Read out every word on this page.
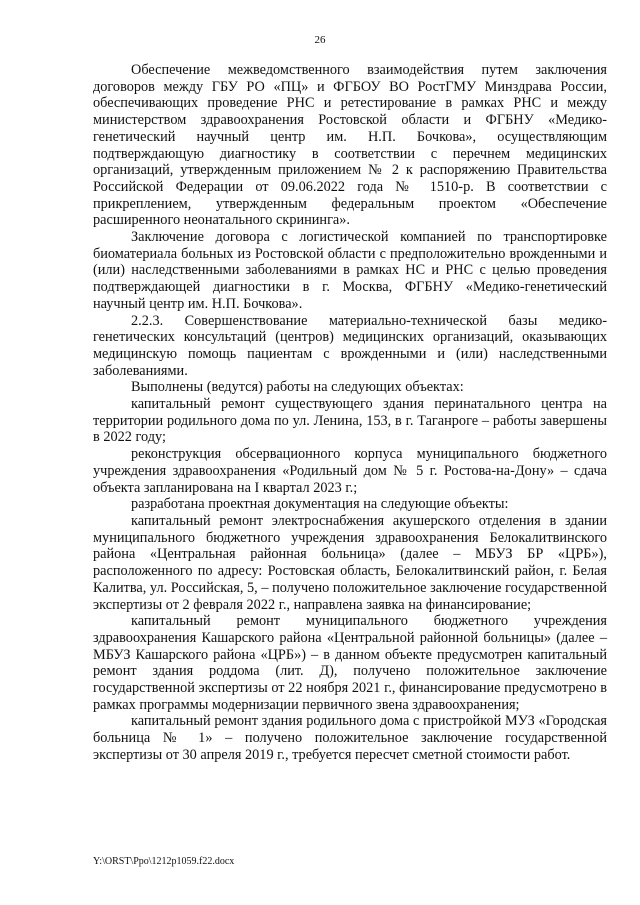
26

Обеспечение межведомственного взаимодействия путем заключения договоров между ГБУ РО «ПЦ» и ФГБОУ ВО РостГМУ Минздрава России, обеспечивающих проведение РНС и ретестирование в рамках РНС и между министерством здравоохранения Ростовской области и ФГБНУ «Медико-генетический научный центр им. Н.П. Бочкова», осуществляющим подтверждающую диагностику в соответствии с перечнем медицинских организаций, утвержденным приложением № 2 к распоряжению Правительства Российской Федерации от 09.06.2022 года № 1510-р. В соответствии с прикреплением, утвержденным федеральным проектом «Обеспечение расширенного неонатального скрининга».

Заключение договора с логистической компанией по транспортировке биоматериала больных из Ростовской области с предположительно врожденными и (или) наследственными заболеваниями в рамках НС и РНС с целью проведения подтверждающей диагностики в г. Москва, ФГБНУ «Медико-генетический научный центр им. Н.П. Бочкова».

2.2.3. Совершенствование материально-технической базы медико-генетических консультаций (центров) медицинских организаций, оказывающих медицинскую помощь пациентам с врожденными и (или) наследственными заболеваниями.

Выполнены (ведутся) работы на следующих объектах:

капитальный ремонт существующего здания перинатального центра на территории родильного дома по ул. Ленина, 153, в г. Таганроге – работы завершены в 2022 году;

реконструкция обсервационного корпуса муниципального бюджетного учреждения здравоохранения «Родильный дом № 5 г. Ростова-на-Дону» – сдача объекта запланирована на I квартал 2023 г.;

разработана проектная документация на следующие объекты:

капитальный ремонт электроснабжения акушерского отделения в здании муниципального бюджетного учреждения здравоохранения Белокалитвинского района «Центральная районная больница» (далее – МБУЗ БР «ЦРБ»), расположенного по адресу: Ростовская область, Белокалитвинский район, г. Белая Калитва, ул. Российская, 5, – получено положительное заключение государственной экспертизы от 2 февраля 2022 г., направлена заявка на финансирование;

капитальный ремонт муниципального бюджетного учреждения здравоохранения Кашарского района «Центральной районной больницы» (далее – МБУЗ Кашарского района «ЦРБ») – в данном объекте предусмотрен капитальный ремонт здания роддома (лит. Д), получено положительное заключение государственной экспертизы от 22 ноября 2021 г., финансирование предусмотрено в рамках программы модернизации первичного звена здравоохранения;

капитальный ремонт здания родильного дома с пристройкой МУЗ «Городская больница № 1» – получено положительное заключение государственной экспертизы от 30 апреля 2019 г., требуется пересчет сметной стоимости работ.

Y:\ORST\Ppo\1212p1059.f22.docx
